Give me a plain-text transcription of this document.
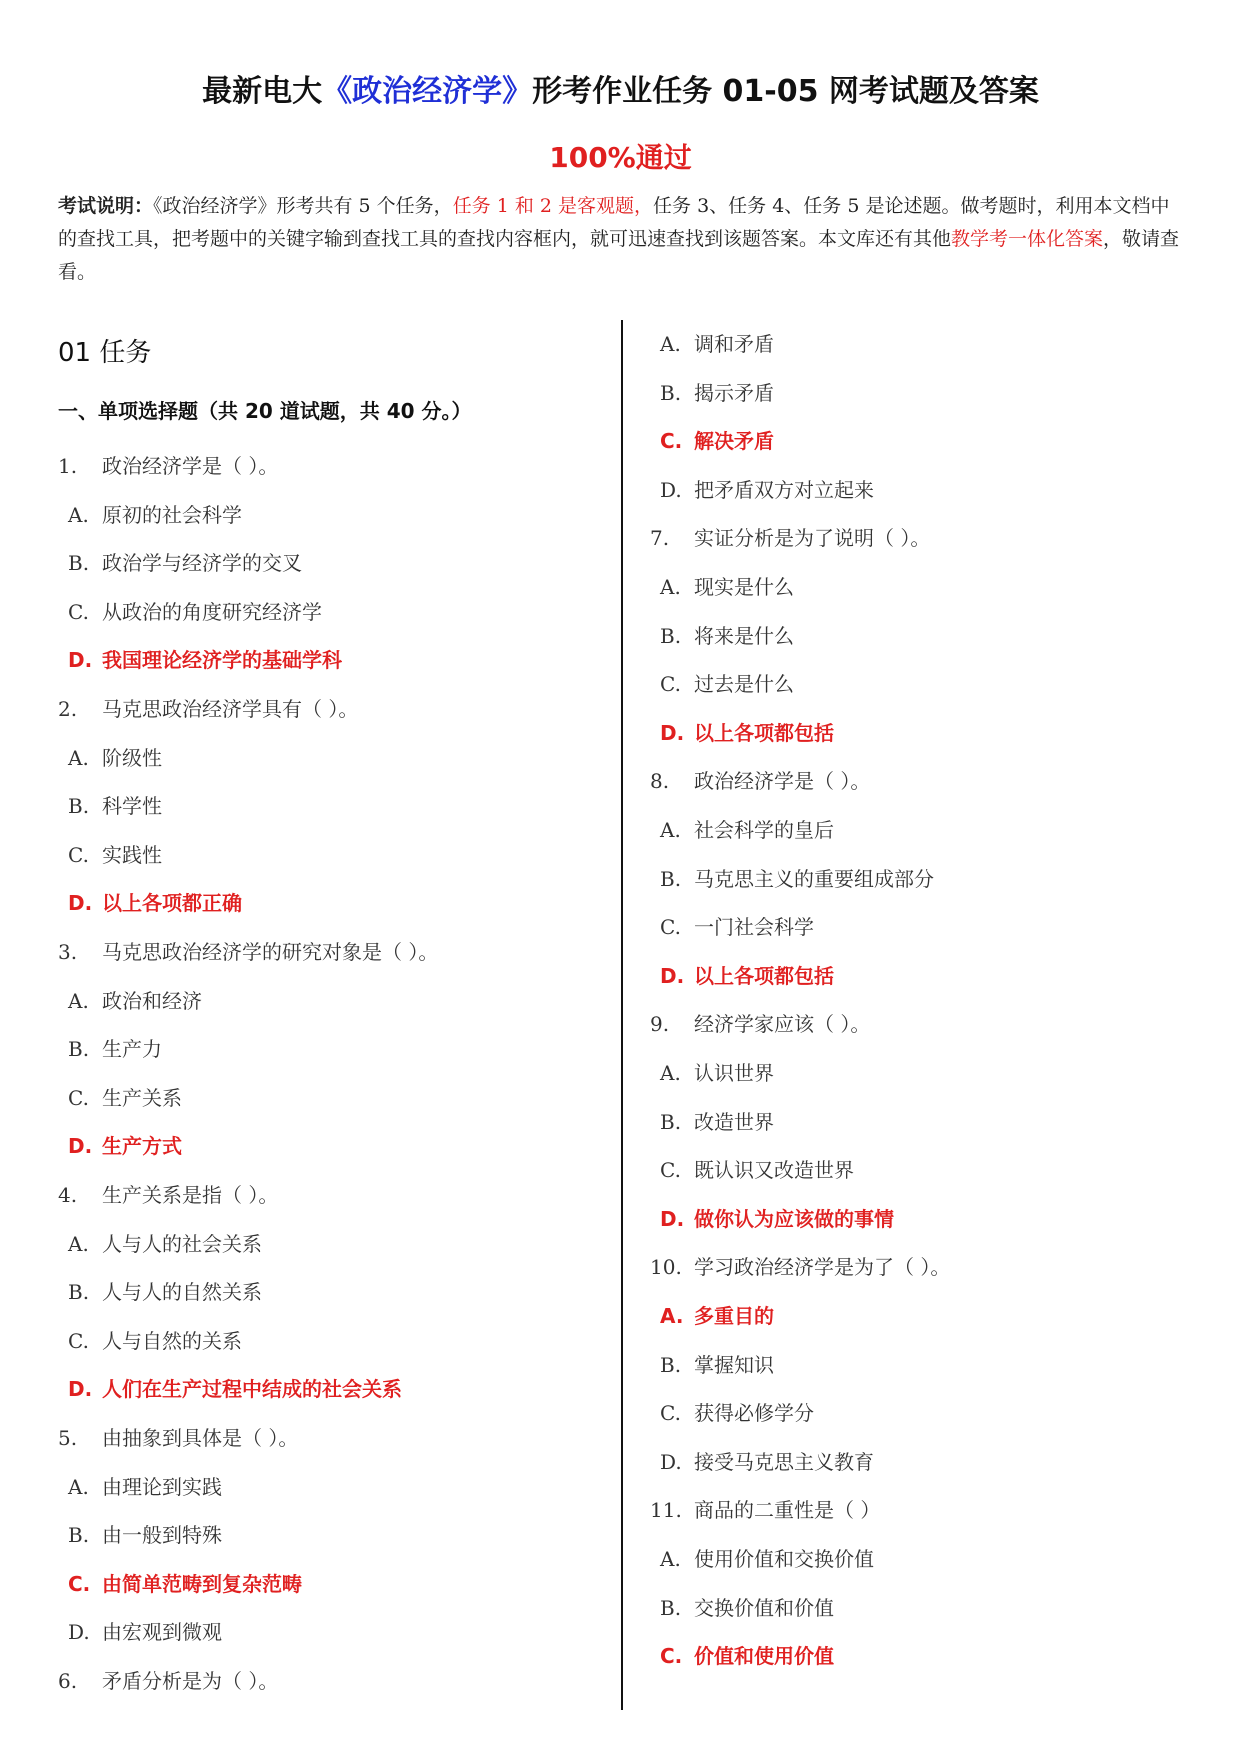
最新电大《政治经济学》形考作业任务 01-05 网考试题及答案
100%通过
考试说明：《政治经济学》形考共有 5 个任务，任务 1 和 2 是客观题，任务 3、任务 4、任务 5 是论述题。做考题时，利用本文档中的查找工具，把考题中的关键字输到查找工具的查找内容框内，就可迅速查找到该题答案。本文库还有其他教学考一体化答案，敬请查看。
01 任务
一、单项选择题（共 20 道试题，共 40 分。）
1. 政治经济学是（ ）。
A. 原初的社会科学
B. 政治学与经济学的交叉
C. 从政治的角度研究经济学
D. 我国理论经济学的基础学科
2. 马克思政治经济学具有（ ）。
A. 阶级性
B. 科学性
C. 实践性
D. 以上各项都正确
3. 马克思政治经济学的研究对象是（ ）。
A. 政治和经济
B. 生产力
C. 生产关系
D. 生产方式
4. 生产关系是指（ ）。
A. 人与人的社会关系
B. 人与人的自然关系
C. 人与自然的关系
D. 人们在生产过程中结成的社会关系
5. 由抽象到具体是（ ）。
A. 由理论到实践
B. 由一般到特殊
C. 由简单范畴到复杂范畴
D. 由宏观到微观
6. 矛盾分析是为（ ）。
A. 调和矛盾
B. 揭示矛盾
C. 解决矛盾
D. 把矛盾双方对立起来
7. 实证分析是为了说明（ ）。
A. 现实是什么
B. 将来是什么
C. 过去是什么
D. 以上各项都包括
8. 政治经济学是（ ）。
A. 社会科学的皇后
B. 马克思主义的重要组成部分
C. 一门社会科学
D. 以上各项都包括
9. 经济学家应该（ ）。
A. 认识世界
B. 改造世界
C. 既认识又改造世界
D. 做你认为应该做的事情
10. 学习政治经济学是为了（ ）。
A. 多重目的
B. 掌握知识
C. 获得必修学分
D. 接受马克思主义教育
11. 商品的二重性是（ ）
A. 使用价值和交换价值
B. 交换价值和价值
C. 价值和使用价值
